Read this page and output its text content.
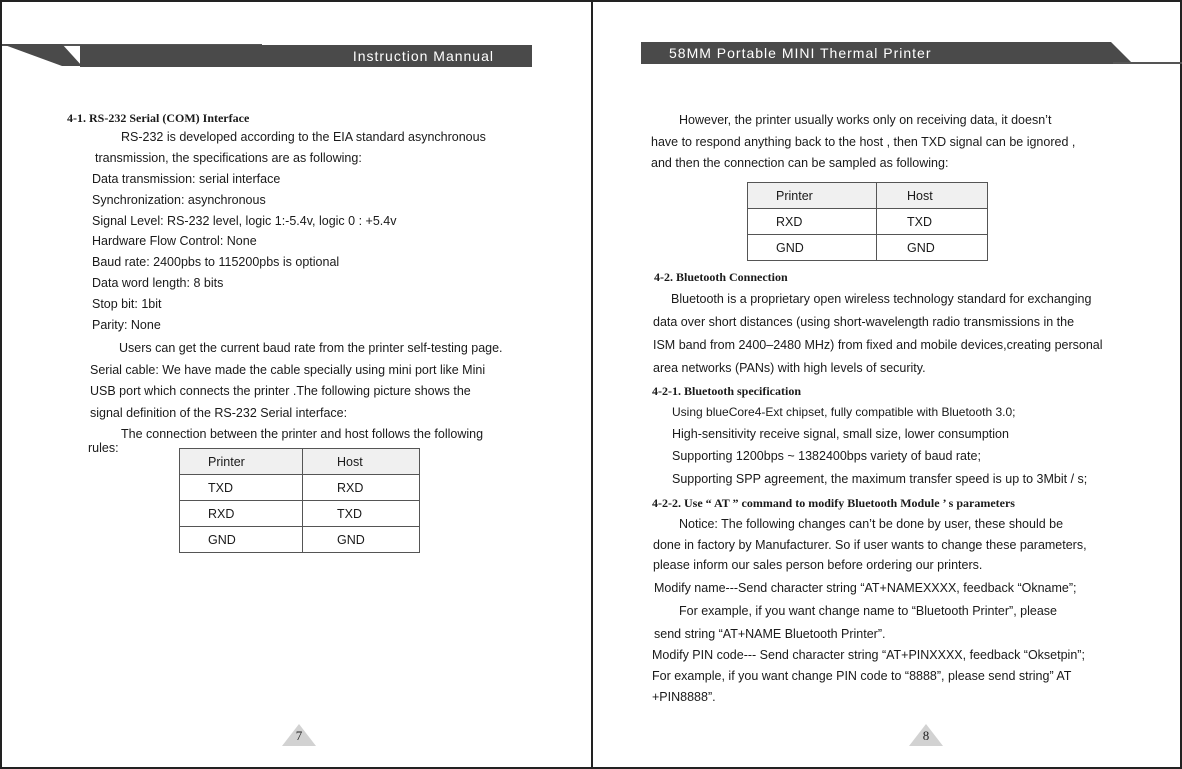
Instruction Mannual
4-1. RS-232 Serial (COM) Interface
RS-232 is developed according to the EIA standard asynchronous
transmission, the specifications are as following:
Data transmission: serial interface
Synchronization: asynchronous
Signal Level: RS-232 level, logic 1:-5.4v, logic 0 : +5.4v
Hardware Flow Control: None
Baud rate: 2400pbs to 115200pbs is optional
Data word length: 8 bits
Stop bit: 1bit
Parity: None
Users can get the current baud rate from the printer self-testing page.
Serial cable: We have made the cable specially using mini port like Mini
USB port which connects the printer .The following picture shows the
signal definition of the RS-232 Serial interface:
The connection between the printer and host follows the following
rules:
Printer	Host
TXD	RXD
RXD	TXD
GND	GND
7
58MM Portable MINI Thermal Printer
However, the printer usually works only on receiving data, it doesn’t
have to respond anything back to the host , then TXD signal can be ignored ,
and then the connection can be sampled as following:
Printer	Host
RXD	TXD
GND	GND
4-2. Bluetooth Connection
Bluetooth is a proprietary open wireless technology standard for exchanging
data over short distances (using short-wavelength radio transmissions in the
ISM band from 2400–2480 MHz) from fixed and mobile devices,creating personal
area networks (PANs) with high levels of security.
4-2-1. Bluetooth specification
Using blueCore4-Ext chipset, fully compatible with Bluetooth 3.0;
High-sensitivity receive signal, small size, lower consumption
Supporting 1200bps ~ 1382400bps variety of baud rate;
Supporting SPP agreement, the maximum transfer speed is up to 3Mbit / s;
4-2-2. Use “ AT ” command to modify Bluetooth Module ’ s parameters
Notice: The following changes can’t be done by user, these should be
done in factory by Manufacturer. So if user wants to change these parameters,
please inform our sales person before ordering our printers.
Modify name---Send character string “AT+NAMEXXXX, feedback “Okname”;
For example, if you want change name to “Bluetooth Printer”, please
send string “AT+NAME Bluetooth Printer”.
Modify PIN code--- Send character string “AT+PINXXXX, feedback “Oksetpin”;
For example, if you want change PIN code to “8888”, please send string” AT
+PIN8888”.
8
